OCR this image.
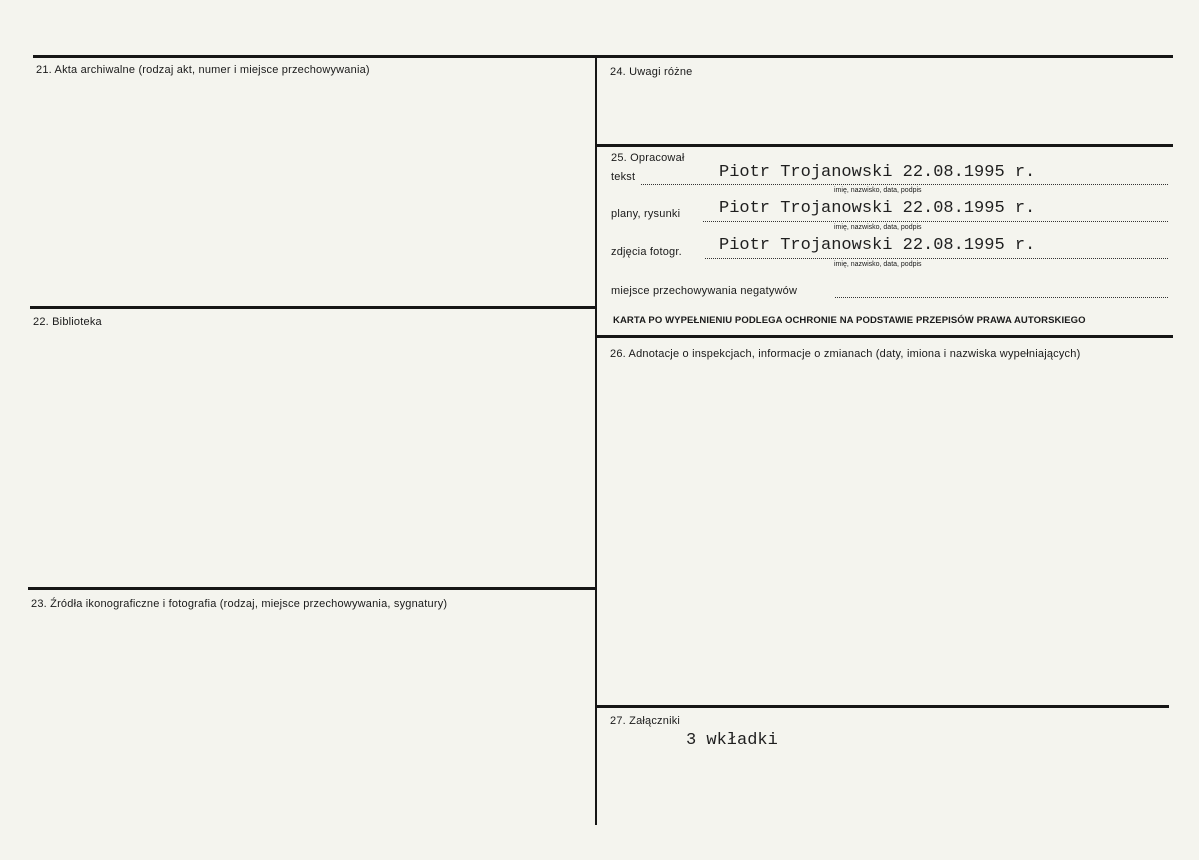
21. Akta archiwalne (rodzaj akt, numer i miejsce przechowywania)
22. Biblioteka
23. Źródła ikonograficzne i fotografia (rodzaj, miejsce przechowywania, sygnatury)
24. Uwagi różne
25. Opracował
tekst	Piotr Trojanowski 22.08.1995 r.
imię, nazwisko, data, podpis
plany, rysunki Piotr Trojanowski 22.08.1995 r.
imię, nazwisko, data, podpis
zdjęcia fotogr. Piotr Trojanowski 22.08.1995 r.
imię, nazwisko, data, podpis
miejsce przechowywania negatywów
KARTA PO WYPEŁNIENIU PODLEGA OCHRONIE NA PODSTAWIE PRZEPISÓW PRAWA AUTORSKIEGO
26. Adnotacje o inspekcjach, informacje o zmianach (daty, imiona i nazwiska wypełniających)
27. Załączniki
3 wkładki
